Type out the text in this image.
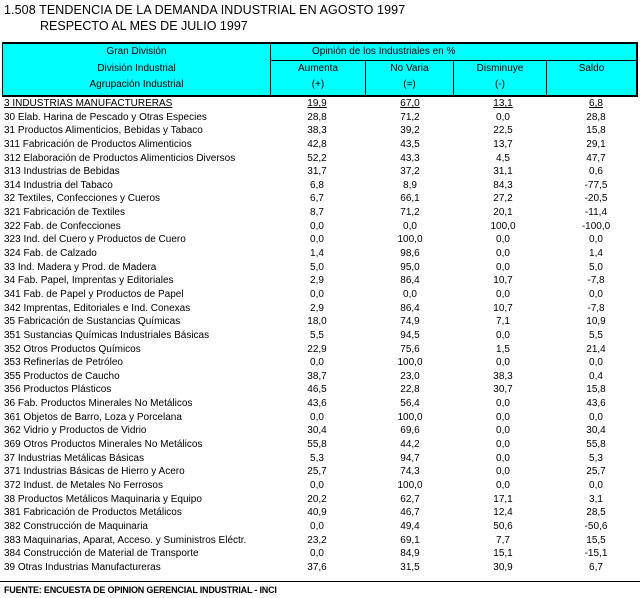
1.508 TENDENCIA DE LA DEMANDA INDUSTRIAL EN AGOSTO 1997
RESPECTO AL MES DE JULIO 1997
Gran División
División Industrial
Agrupación Industrial
Opinión de los Industriales en %
Aumenta
(+)
No Varia
(=)
Disminuye
(-)
Saldo
3 INDUSTRIAS MANUFACTURERAS	19,9	67,0	13,1	6,8
30 Elab. Harina de Pescado y Otras Especies	28,8	71,2	0,0	28,8
31 Productos Alimenticios, Bebidas y Tabaco	38,3	39,2	22,5	15,8
311 Fabricación de Productos Alimenticios	42,8	43,5	13,7	29,1
312 Elaboración de Productos Alimenticios Diversos	52,2	43,3	4,5	47,7
313 Industrias de Bebidas	31,7	37,2	31,1	0,6
314 Industria del Tabaco	6,8	8,9	84,3	-77,5
32 Textiles, Confecciones y Cueros	6,7	66,1	27,2	-20,5
321 Fabricación de Textiles	8,7	71,2	20,1	-11,4
322 Fab. de Confecciones	0,0	0,0	100,0	-100,0
323 Ind. del Cuero y Productos de Cuero	0,0	100,0	0,0	0,0
324 Fab. de Calzado	1,4	98,6	0,0	1,4
33 Ind. Madera y Prod. de Madera	5,0	95,0	0,0	5,0
34 Fab. Papel, Imprentas y Editoriales	2,9	86,4	10,7	-7,8
341 Fab. de Papel y Productos de Papel	0,0	0,0	0,0	0,0
342 Imprentas, Editoriales e Ind. Conexas	2,9	86,4	10,7	-7,8
35 Fabricación de Sustancias Químicas	18,0	74,9	7,1	10,9
351 Sustancias Químicas Industriales Básicas	5,5	94,5	0,0	5,5
352 Otros Productos Químicos	22,9	75,6	1,5	21,4
353 Refinerías de Petróleo	0,0	100,0	0,0	0,0
355 Productos de Caucho	38,7	23,0	38,3	0,4
356 Productos Plásticos	46,5	22,8	30,7	15,8
36 Fab. Productos Minerales No Metálicos	43,6	56,4	0,0	43,6
361 Objetos de Barro, Loza y Porcelana	0,0	100,0	0,0	0,0
362 Vidrio y Productos de Vidrio	30,4	69,6	0,0	30,4
369 Otros Productos Minerales No Metálicos	55,8	44,2	0,0	55,8
37 Industrias Metálicas Básicas	5,3	94,7	0,0	5,3
371 Industrias Básicas de Hierro y Acero	25,7	74,3	0,0	25,7
372 Indust. de Metales No Ferrosos	0,0	100,0	0,0	0,0
38 Productos Metálicos Maquinaria y Equipo	20,2	62,7	17,1	3,1
381 Fabricación de Productos Metálicos	40,9	46,7	12,4	28,5
382 Construcción de Maquinaria	0,0	49,4	50,6	-50,6
383 Maquinarias, Aparat, Acceso. y Suministros Eléctr.	23,2	69,1	7,7	15,5
384 Construcción de Material de Transporte	0,0	84,9	15,1	-15,1
39 Otras Industrias Manufactureras	37,6	31,5	30,9	6,7
FUENTE: ENCUESTA DE OPINION GERENCIAL INDUSTRIAL - INCI
